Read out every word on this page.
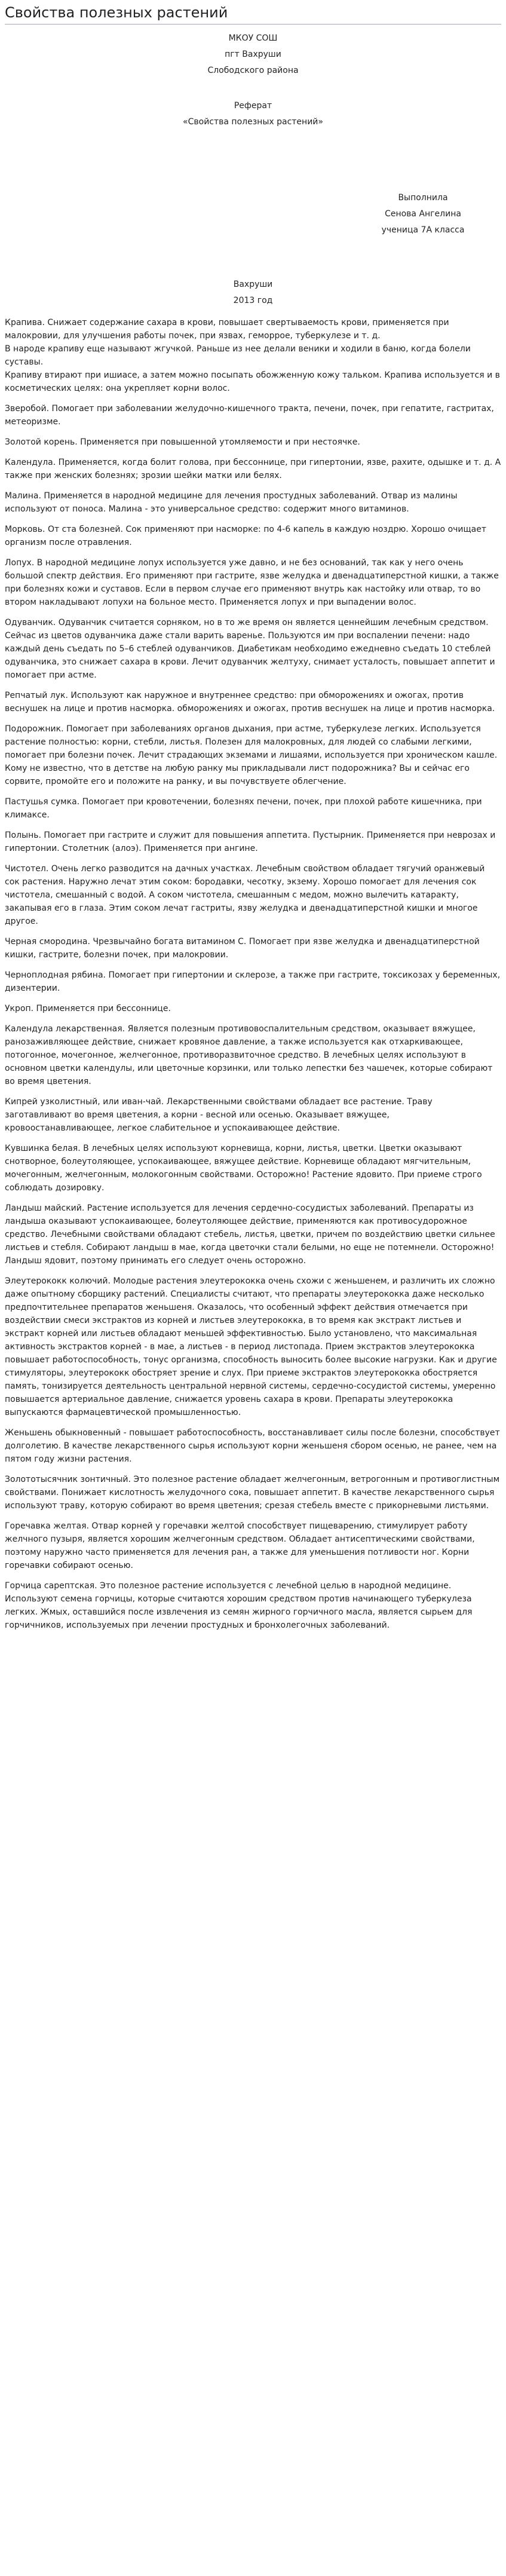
Свойства полезных растений
МКОУ СОШ
пгт Вахруши
Слободского района
Реферат
«Свойства полезных растений»
Выполнила
Сенова Ангелина
ученица 7А класса
Вахруши
2013 год

Крапива. Снижает содержание сахара в крови, повышает свертываемость крови, применяется при малокровии, для улучшения работы почек, при язвах, геморрое, туберкулезе и т. д.

В народе крапиву еще называют жгучкой. Раньше из нее делали веники и ходили в баню, когда болели суставы.

Крапиву втирают при ишиасе, а затем можно посыпать обожженную кожу тальком. Крапива используется и в косметических целях: она укрепляет корни волос.

Зверобой. Помогает при заболевании желудочно-кишечного тракта, печени, почек, при гепатите, гастритах, метеоризме.

Золотой корень. Применяется при повышенной утомляемости и при нестоячке.

Календула. Применяется, когда болит голова, при бессоннице, при гипертонии, язве, рахите, одышке и т. д. А также при женских болезнях; зрозии шейки матки или белях.

Малина. Применяется в народной медицине для лечения простудных заболеваний. Отвар из малины используют от поноса. Малина - это универсальное средство: содержит много витаминов.

Морковь. От ста болезней. Сок применяют при насморке: по 4-6 капель в каждую ноздрю. Хорошо очищает организм после отравления.

Лопух. В народной медицине лопух используется уже давно, и не без оснований, так как у него очень большой спектр действия. Его применяют при гастрите, язве желудка и двенадцатиперстной кишки, а также при болезнях кожи и суставов. Если в первом случае его применяют внутрь как настойку или отвар, то во втором накладывают лопухи на больное место. Применяется лопух и при выпадении волос.

Одуванчик. Одуванчик считается сорняком, но в то же время он является ценнейшим лечебным средством. Сейчас из цветов одуванчика даже стали варить варенье. Пользуются им при воспалении печени: надо каждый день съедать по 5–6 стеблей одуванчиков. Диабетикам необходимо ежедневно съедать 10 стеблей одуванчика, это снижает сахара в крови. Лечит одуванчик желтуху, снимает усталость, повышает аппетит и помогает при астме.

Репчатый лук. Используют как наружное и внутреннее средство: при обморожениях и ожогах, против веснушек на лице и против насморка. обморожениях и ожогах, против веснушек на лице и против насморка.

Подорожник. Помогает при заболеваниях органов дыхания, при астме, туберкулезе легких. Используется растение полностью: корни, стебли, листья. Полезен для малокровных, для людей со слабыми легкими, помогает при болезни почек. Лечит страдающих экземами и лишаями, используется при хроническом кашле. Кому не известно, что в детстве на любую ранку мы прикладывали лист подорожника? Вы и сейчас его сорвите, промойте его и положите на ранку, и вы почувствуете облегчение.

Пастушья сумка. Помогает при кровотечении, болезнях печени, почек, при плохой работе кишечника, при климаксе.

Полынь. Помогает при гастрите и служит для повышения аппетита. Пустырник. Применяется при неврозах и гипертонии. Столетник (алоэ). Применяется при ангине.

Чистотел. Очень легко разводится на дачных участках. Лечебным свойством обладает тягучий оранжевый сок растения. Наружно лечат этим соком: бородавки, чесотку, экзему. Хорошо помогает для лечения сок чистотела, смешанный с водой. А соком чистотела, смешанным с медом, можно вылечить катаракту, закапывая его в глаза. Этим соком лечат гастриты, язву желудка и двенадцатиперстной кишки и многое другое.

Черная смородина. Чрезвычайно богата витамином С. Помогает при язве желудка и двенадцатиперстной кишки, гастрите, болезни почек, при малокровии.

Черноплодная рябина. Помогает при гипертонии и склерозе, а также при гастрите, токсикозах у беременных, дизентерии.

Укроп. Применяется при бессоннице.

Календула лекарственная. Является полезным противовоспалительным средством, оказывает вяжущее, ранозаживляющее действие, снижает кровяное давление, а также используется как отхаркивающее, потогонное, мочегонное, желчегонное, противоразвиточное средство. В лечебных целях используют в основном цветки календулы, или цветочные корзинки, или только лепестки без чашечек, которые собирают во время цветения.

Кипрей узколистный, или иван-чай. Лекарственными свойствами обладает все растение. Траву заготавливают во время цветения, а корни - весной или осенью. Оказывает вяжущее, кровоостанавливающее, легкое слабительное и успокаивающее действие.

Кувшинка белая. В лечебных целях используют корневища, корни, листья, цветки. Цветки оказывают снотворное, болеутоляющее, успокаивающее, вяжущее действие. Корневище обладают мягчительным, мочегонным, желчегонным, молокогонным свойствами. Осторожно! Растение ядовито. При приеме строго соблюдать дозировку.

Ландыш майский. Растение используется для лечения сердечно-сосудистых заболеваний. Препараты из ландыша оказывают успокаивающее, болеутоляющее действие, применяются как противосудорожное средство. Лечебными свойствами обладают стебель, листья, цветки, причем по воздействию цветки сильнее листьев и стебля. Собирают ландыш в мае, когда цветочки стали белыми, но еще не потемнели. Осторожно! Ландыш ядовит, поэтому принимать его следует очень осторожно.

Элеутерококк колючий. Молодые растения элеутерококка очень схожи с женьшенем, и различить их сложно даже опытному сборщику растений. Специалисты считают, что препараты элеутерококка даже несколько предпочтительнее препаратов женьшеня. Оказалось, что особенный эффект действия отмечается при воздействии смеси экстрактов из корней и листьев элеутерококка, в то время как экстракт листьев и экстракт корней или листьев обладают меньшей эффективностью. Было установлено, что максимальная активность экстрактов корней - в мае, а листьев - в период листопада. Прием экстрактов элеутерококка повышает работоспособность, тонус организма, способность выносить более высокие нагрузки. Как и другие стимуляторы, элеутерококк обостряет зрение и слух. При приеме экстрактов элеутерококка обостряется память, тонизируется деятельность центральной нервной системы, сердечно-сосудистой системы, умеренно повышается артериальное давление, снижается уровень сахара в крови. Препараты элеутерококка выпускаются фармацевтической промышленностью.

Женьшень обыкновенный - повышает работоспособность, восстанавливает силы после болезни, способствует долголетию. В качестве лекарственного сырья используют корни женьшеня сбором осенью, не ранее, чем на пятом году жизни растения.

Золототысячник зонтичный. Это полезное растение обладает желчегонным, ветрогонным и противоглистным свойствами. Понижает кислотность желудочного сока, повышает аппетит. В качестве лекарственного сырья используют траву, которую собирают во время цветения; срезая стебель вместе с прикорневыми листьями.

Горечавка желтая. Отвар корней у горечавки желтой способствует пищеварению, стимулирует работу желчного пузыря, является хорошим желчегонным средством. Обладает антисептическими свойствами, поэтому наружно часто применяется для лечения ран, а также для уменьшения потливости ног. Корни горечавки собирают осенью.

Горчица сарептская. Это полезное растение используется с лечебной целью в народной медицине. Используют семена горчицы, которые считаются хорошим средством против начинающего туберкулеза легких. Жмых, оставшийся после извлечения из семян жирного горчичного масла, является сырьем для горчичников, используемых при лечении простудных и бронхолегочных заболеваний.
